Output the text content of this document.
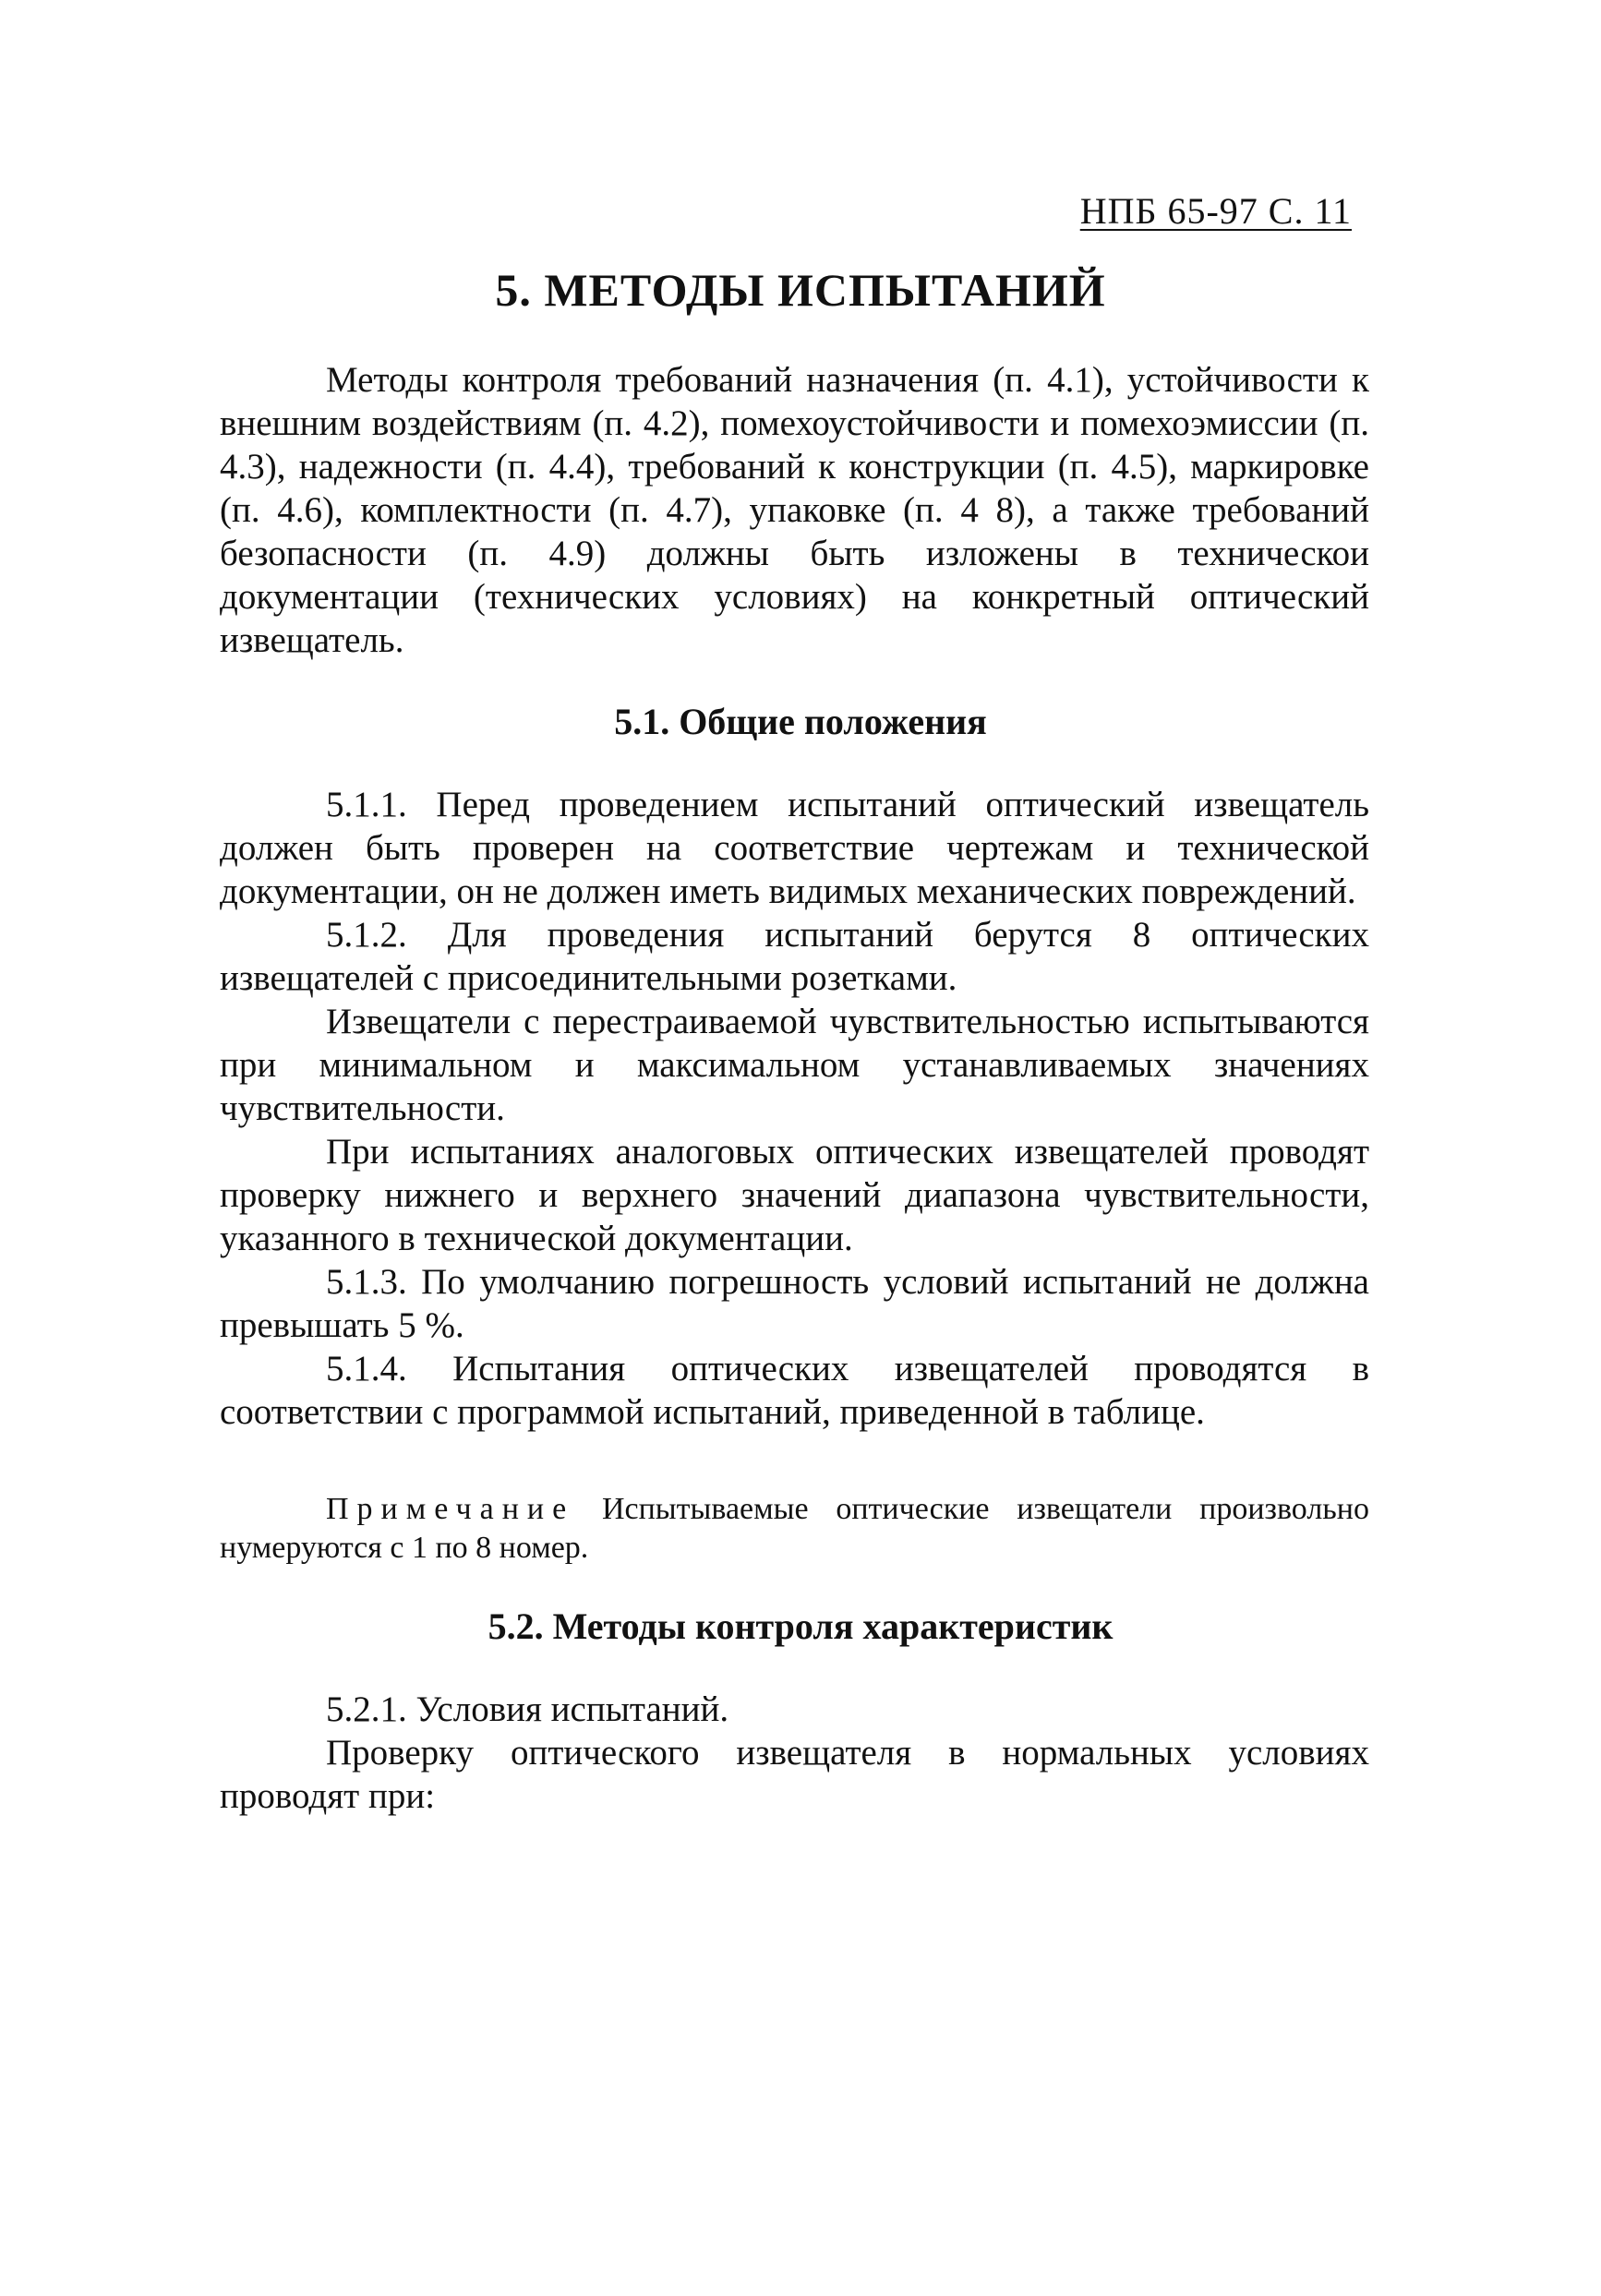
НПБ 65-97 С. 11
5. МЕТОДЫ ИСПЫТАНИЙ

Методы контроля требований назначения (п. 4.1), устойчивости к внешним воздействиям (п. 4.2), помехоустойчивости и помехоэмиссии (п. 4.3), надежности (п. 4.4), требований к конструкции (п. 4.5), маркировке (п. 4.6), комплектности (п. 4.7), упаковке (п. 4 8), а также требований безопасности (п. 4.9) должны быть изложены в техническои документации (технических условиях) на конкретный оптический извещатель.

5.1. Общие положения

5.1.1. Перед проведением испытаний оптический извещатель должен быть проверен на соответствие чертежам и технической документации, он не должен иметь видимых механических повреждений.

5.1.2. Для проведения испытаний берутся 8 оптических извещателей с присоединительными розетками.

Извещатели с перестраиваемой чувствительностью испытываются при минимальном и максимальном устанавливаемых значениях чувствительности.

При испытаниях аналоговых оптических извещателей проводят проверку нижнего и верхнего значений диапазона чувствительности, указанного в технической документации.

5.1.3. По умолчанию погрешность условий испытаний не должна превышать 5 %.

5.1.4. Испытания оптических извещателей проводятся в соответствии с программой испытаний, приведенной в таблице.

Примечание Испытываемые оптические извещатели произвольно нумеруются с 1 по 8 номер.

5.2. Методы контроля характеристик

5.2.1. Условия испытаний.

Проверку оптического извещателя в нормальных условиях проводят при:
